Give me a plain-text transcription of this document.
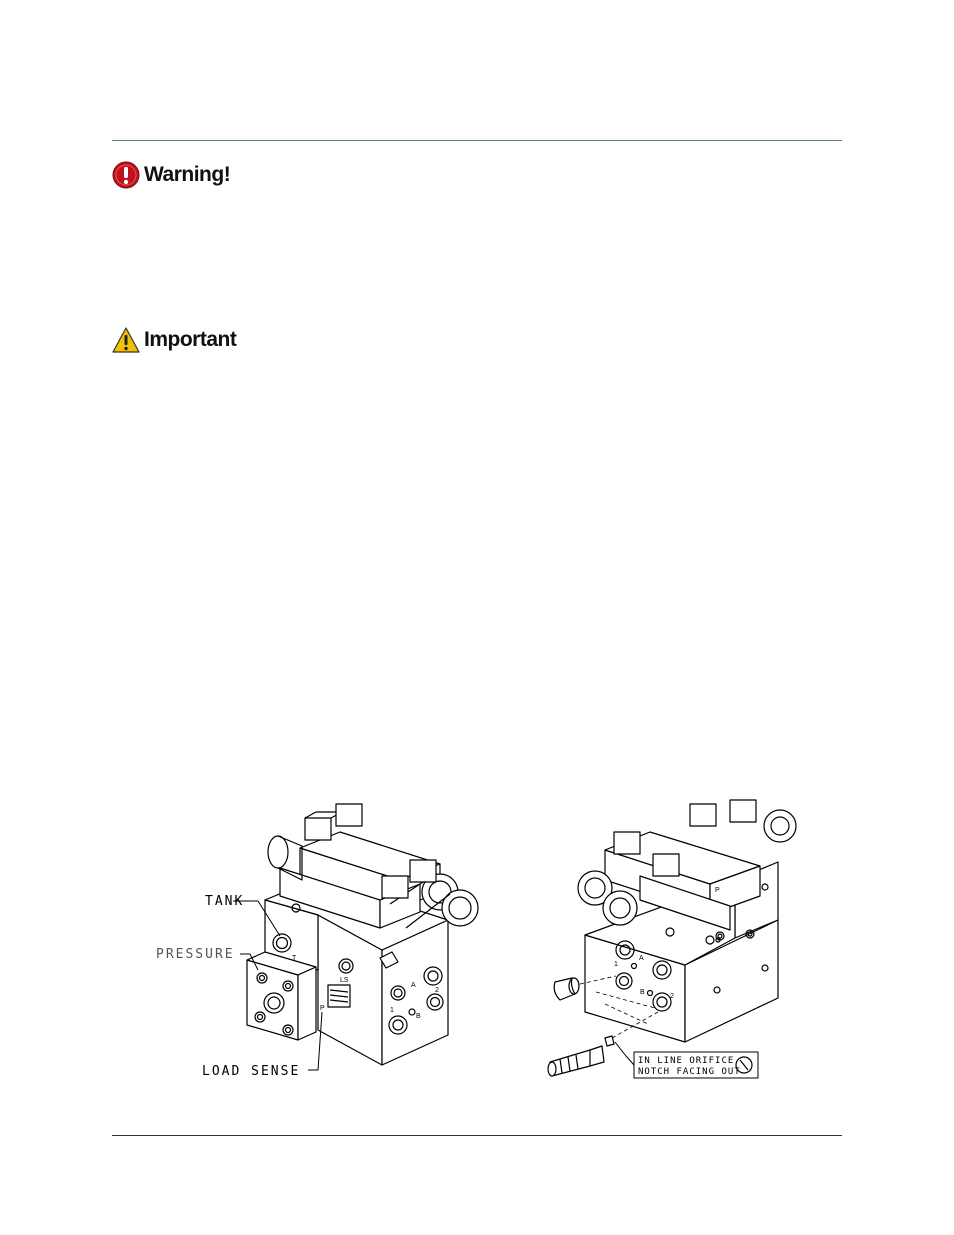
Warning!
Important
TANK
PRESSURE
LOAD SENSE
IN LINE ORIFICE
NOTCH FACING OUT
T
LS
A
B
1
2
P
A
B
1
2
P
